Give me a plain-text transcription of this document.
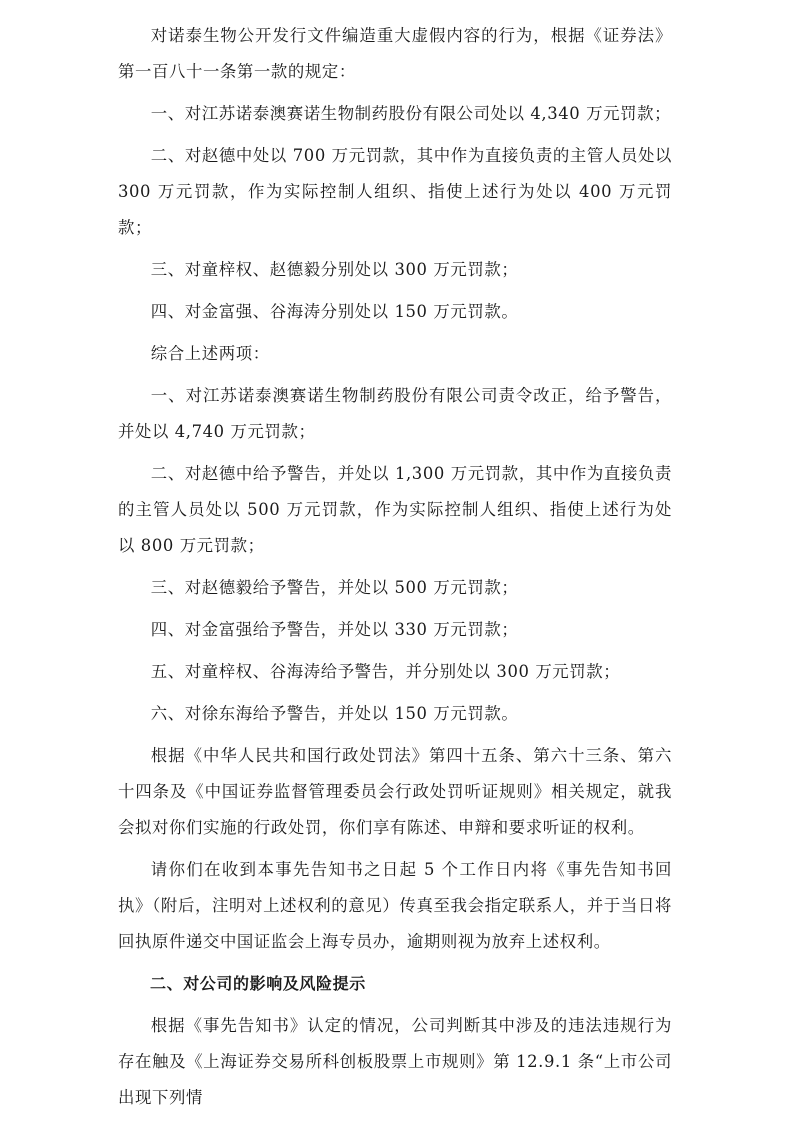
对诺泰生物公开发行文件编造重大虚假内容的行为，根据《证券法》第一百八十一条第一款的规定：

一、对江苏诺泰澳赛诺生物制药股份有限公司处以 4,340 万元罚款；

二、对赵德中处以 700 万元罚款，其中作为直接负责的主管人员处以 300 万元罚款，作为实际控制人组织、指使上述行为处以 400 万元罚款；

三、对童梓权、赵德毅分别处以 300 万元罚款；

四、对金富强、谷海涛分别处以 150 万元罚款。

综合上述两项：

一、对江苏诺泰澳赛诺生物制药股份有限公司责令改正，给予警告，并处以 4,740 万元罚款；

二、对赵德中给予警告，并处以 1,300 万元罚款，其中作为直接负责的主管人员处以 500 万元罚款，作为实际控制人组织、指使上述行为处以 800 万元罚款；

三、对赵德毅给予警告，并处以 500 万元罚款；

四、对金富强给予警告，并处以 330 万元罚款；

五、对童梓权、谷海涛给予警告，并分别处以 300 万元罚款；

六、对徐东海给予警告，并处以 150 万元罚款。

根据《中华人民共和国行政处罚法》第四十五条、第六十三条、第六十四条及《中国证券监督管理委员会行政处罚听证规则》相关规定，就我会拟对你们实施的行政处罚，你们享有陈述、申辩和要求听证的权利。

请你们在收到本事先告知书之日起 5 个工作日内将《事先告知书回执》（附后，注明对上述权利的意见）传真至我会指定联系人，并于当日将回执原件递交中国证监会上海专员办，逾期则视为放弃上述权利。

二、对公司的影响及风险提示

根据《事先告知书》认定的情况，公司判断其中涉及的违法违规行为存在触及《上海证券交易所科创板股票上市规则》第 12.9.1 条“上市公司出现下列情
